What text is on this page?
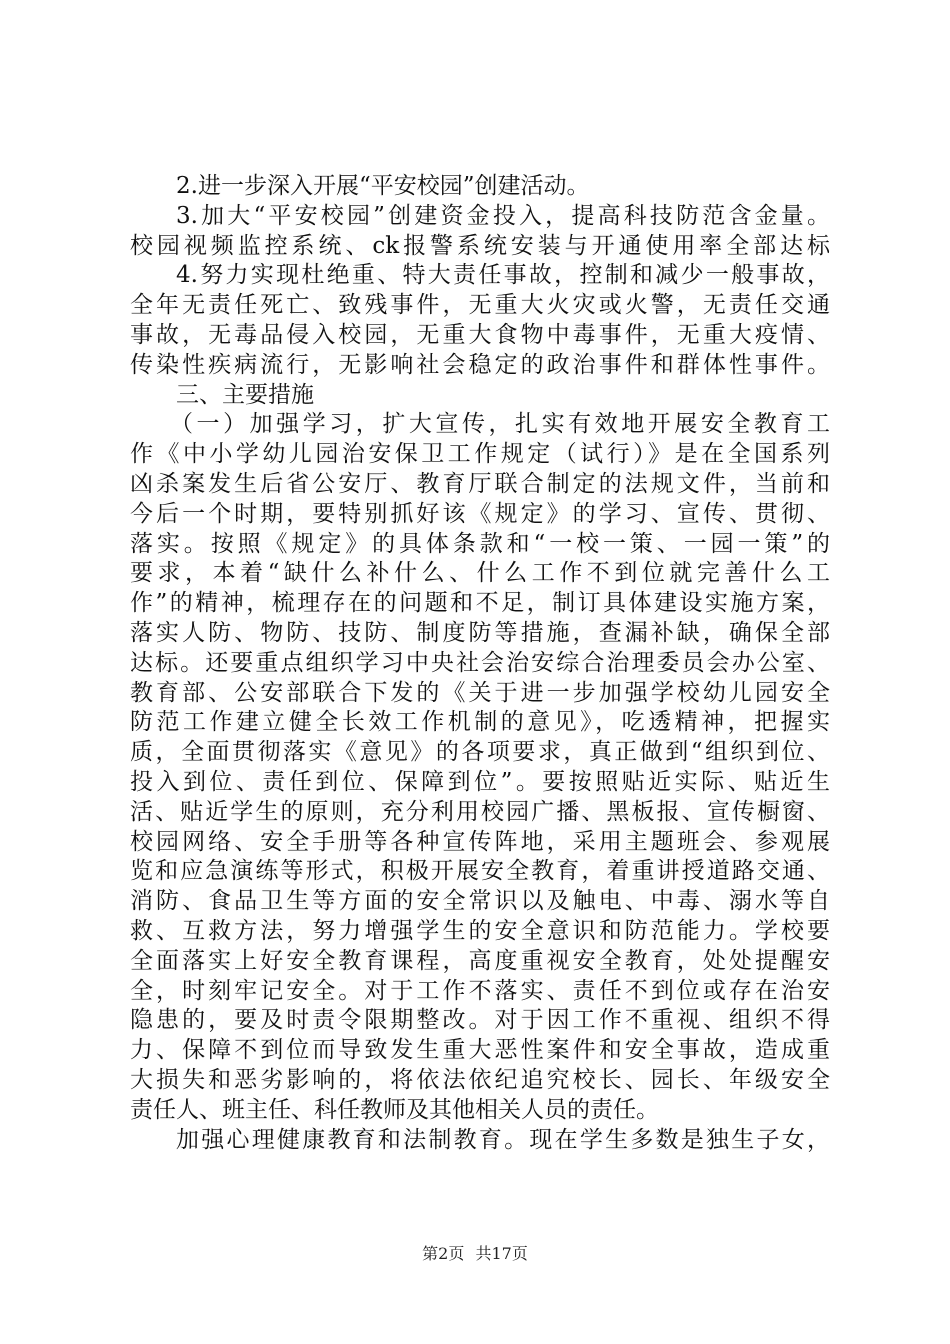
2.进一步深入开展“平安校园”创建活动。
3.加大“平安校园”创建资金投入，提高科技防范含金量。
校园视频监控系统、ck报警系统安装与开通使用率全部达标
4.努力实现杜绝重、特大责任事故，控制和减少一般事故，
全年无责任死亡、致残事件，无重大火灾或火警，无责任交通
事故，无毒品侵入校园，无重大食物中毒事件，无重大疫情、
传染性疾病流行，无影响社会稳定的政治事件和群体性事件。
三、主要措施
（一）加强学习，扩大宣传，扎实有效地开展安全教育工
作《中小学幼儿园治安保卫工作规定（试行）》是在全国系列
凶杀案发生后省公安厅、教育厅联合制定的法规文件，当前和
今后一个时期，要特别抓好该《规定》的学习、宣传、贯彻、
落实。按照《规定》的具体条款和“一校一策、一园一策”的
要求，本着“缺什么补什么、什么工作不到位就完善什么工
作”的精神，梳理存在的问题和不足，制订具体建设实施方案，
落实人防、物防、技防、制度防等措施，查漏补缺，确保全部
达标。还要重点组织学习中央社会治安综合治理委员会办公室、
教育部、公安部联合下发的《关于进一步加强学校幼儿园安全
防范工作建立健全长效工作机制的意见》，吃透精神，把握实
质，全面贯彻落实《意见》的各项要求，真正做到“组织到位、
投入到位、责任到位、保障到位”。要按照贴近实际、贴近生
活、贴近学生的原则，充分利用校园广播、黑板报、宣传橱窗、
校园网络、安全手册等各种宣传阵地，采用主题班会、参观展
览和应急演练等形式，积极开展安全教育，着重讲授道路交通、
消防、食品卫生等方面的安全常识以及触电、中毒、溺水等自
救、互救方法，努力增强学生的安全意识和防范能力。学校要
全面落实上好安全教育课程，高度重视安全教育，处处提醒安
全，时刻牢记安全。对于工作不落实、责任不到位或存在治安
隐患的，要及时责令限期整改。对于因工作不重视、组织不得
力、保障不到位而导致发生重大恶性案件和安全事故，造成重
大损失和恶劣影响的，将依法依纪追究校长、园长、年级安全
责任人、班主任、科任教师及其他相关人员的责任。
加强心理健康教育和法制教育。现在学生多数是独生子女，
第2页 共17页
